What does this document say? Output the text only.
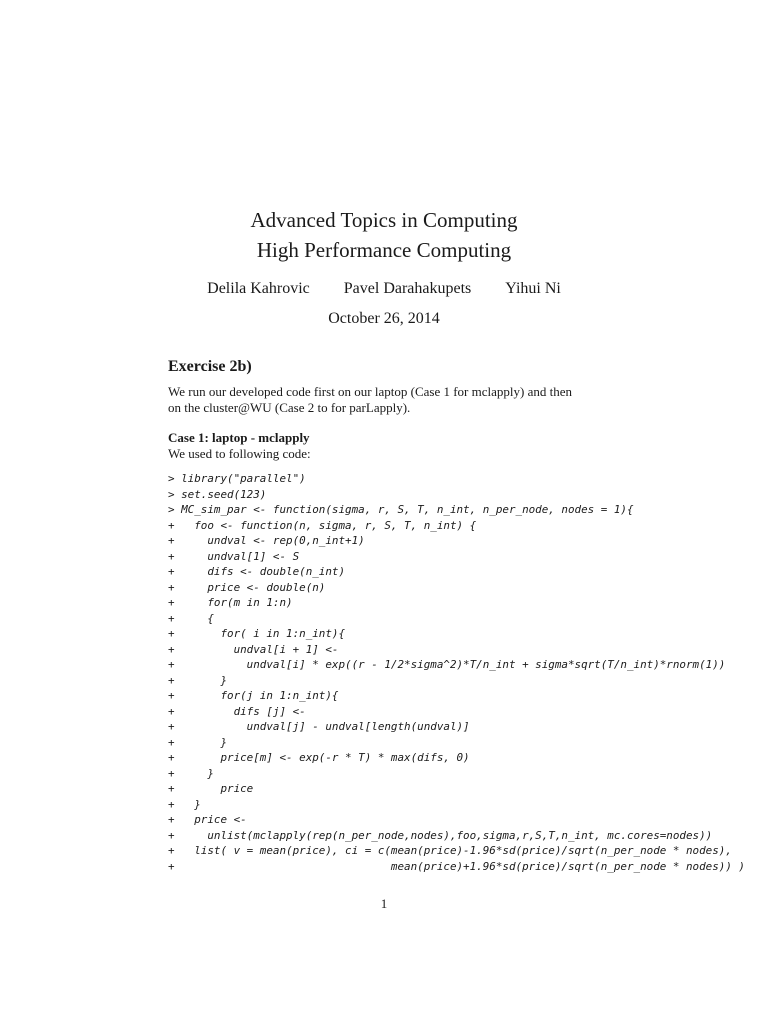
Advanced Topics in Computing
High Performance Computing
Delila Kahrovic Pavel Darahakupets Yihui Ni
October 26, 2014
Exercise 2b)
We run our developed code first on our laptop (Case 1 for mclapply) and then
on the cluster@WU (Case 2 to for parLapply).
Case 1: laptop - mclapply
We used to following code:
> library("parallel")
> set.seed(123)
> MC_sim_par <- function(sigma, r, S, T, n_int, n_per_node, nodes = 1){
+   foo <- function(n, sigma, r, S, T, n_int) {
+     undval <- rep(0,n_int+1)
+     undval[1] <- S
+     difs <- double(n_int)
+     price <- double(n)
+     for(m in 1:n)
+     {
+       for( i in 1:n_int){
+         undval[i + 1] <-
+           undval[i] * exp((r - 1/2*sigma^2)*T/n_int + sigma*sqrt(T/n_int)*rnorm(1))
+       }
+       for(j in 1:n_int){
+         difs [j] <-
+           undval[j] - undval[length(undval)]
+       }
+       price[m] <- exp(-r * T) * max(difs, 0)
+     }
+       price
+   }
+   price <-
+     unlist(mclapply(rep(n_per_node,nodes),foo,sigma,r,S,T,n_int, mc.cores=nodes))
+   list( v = mean(price), ci = c(mean(price)-1.96*sd(price)/sqrt(n_per_node * nodes),
+                                 mean(price)+1.96*sd(price)/sqrt(n_per_node * nodes)) )
1
